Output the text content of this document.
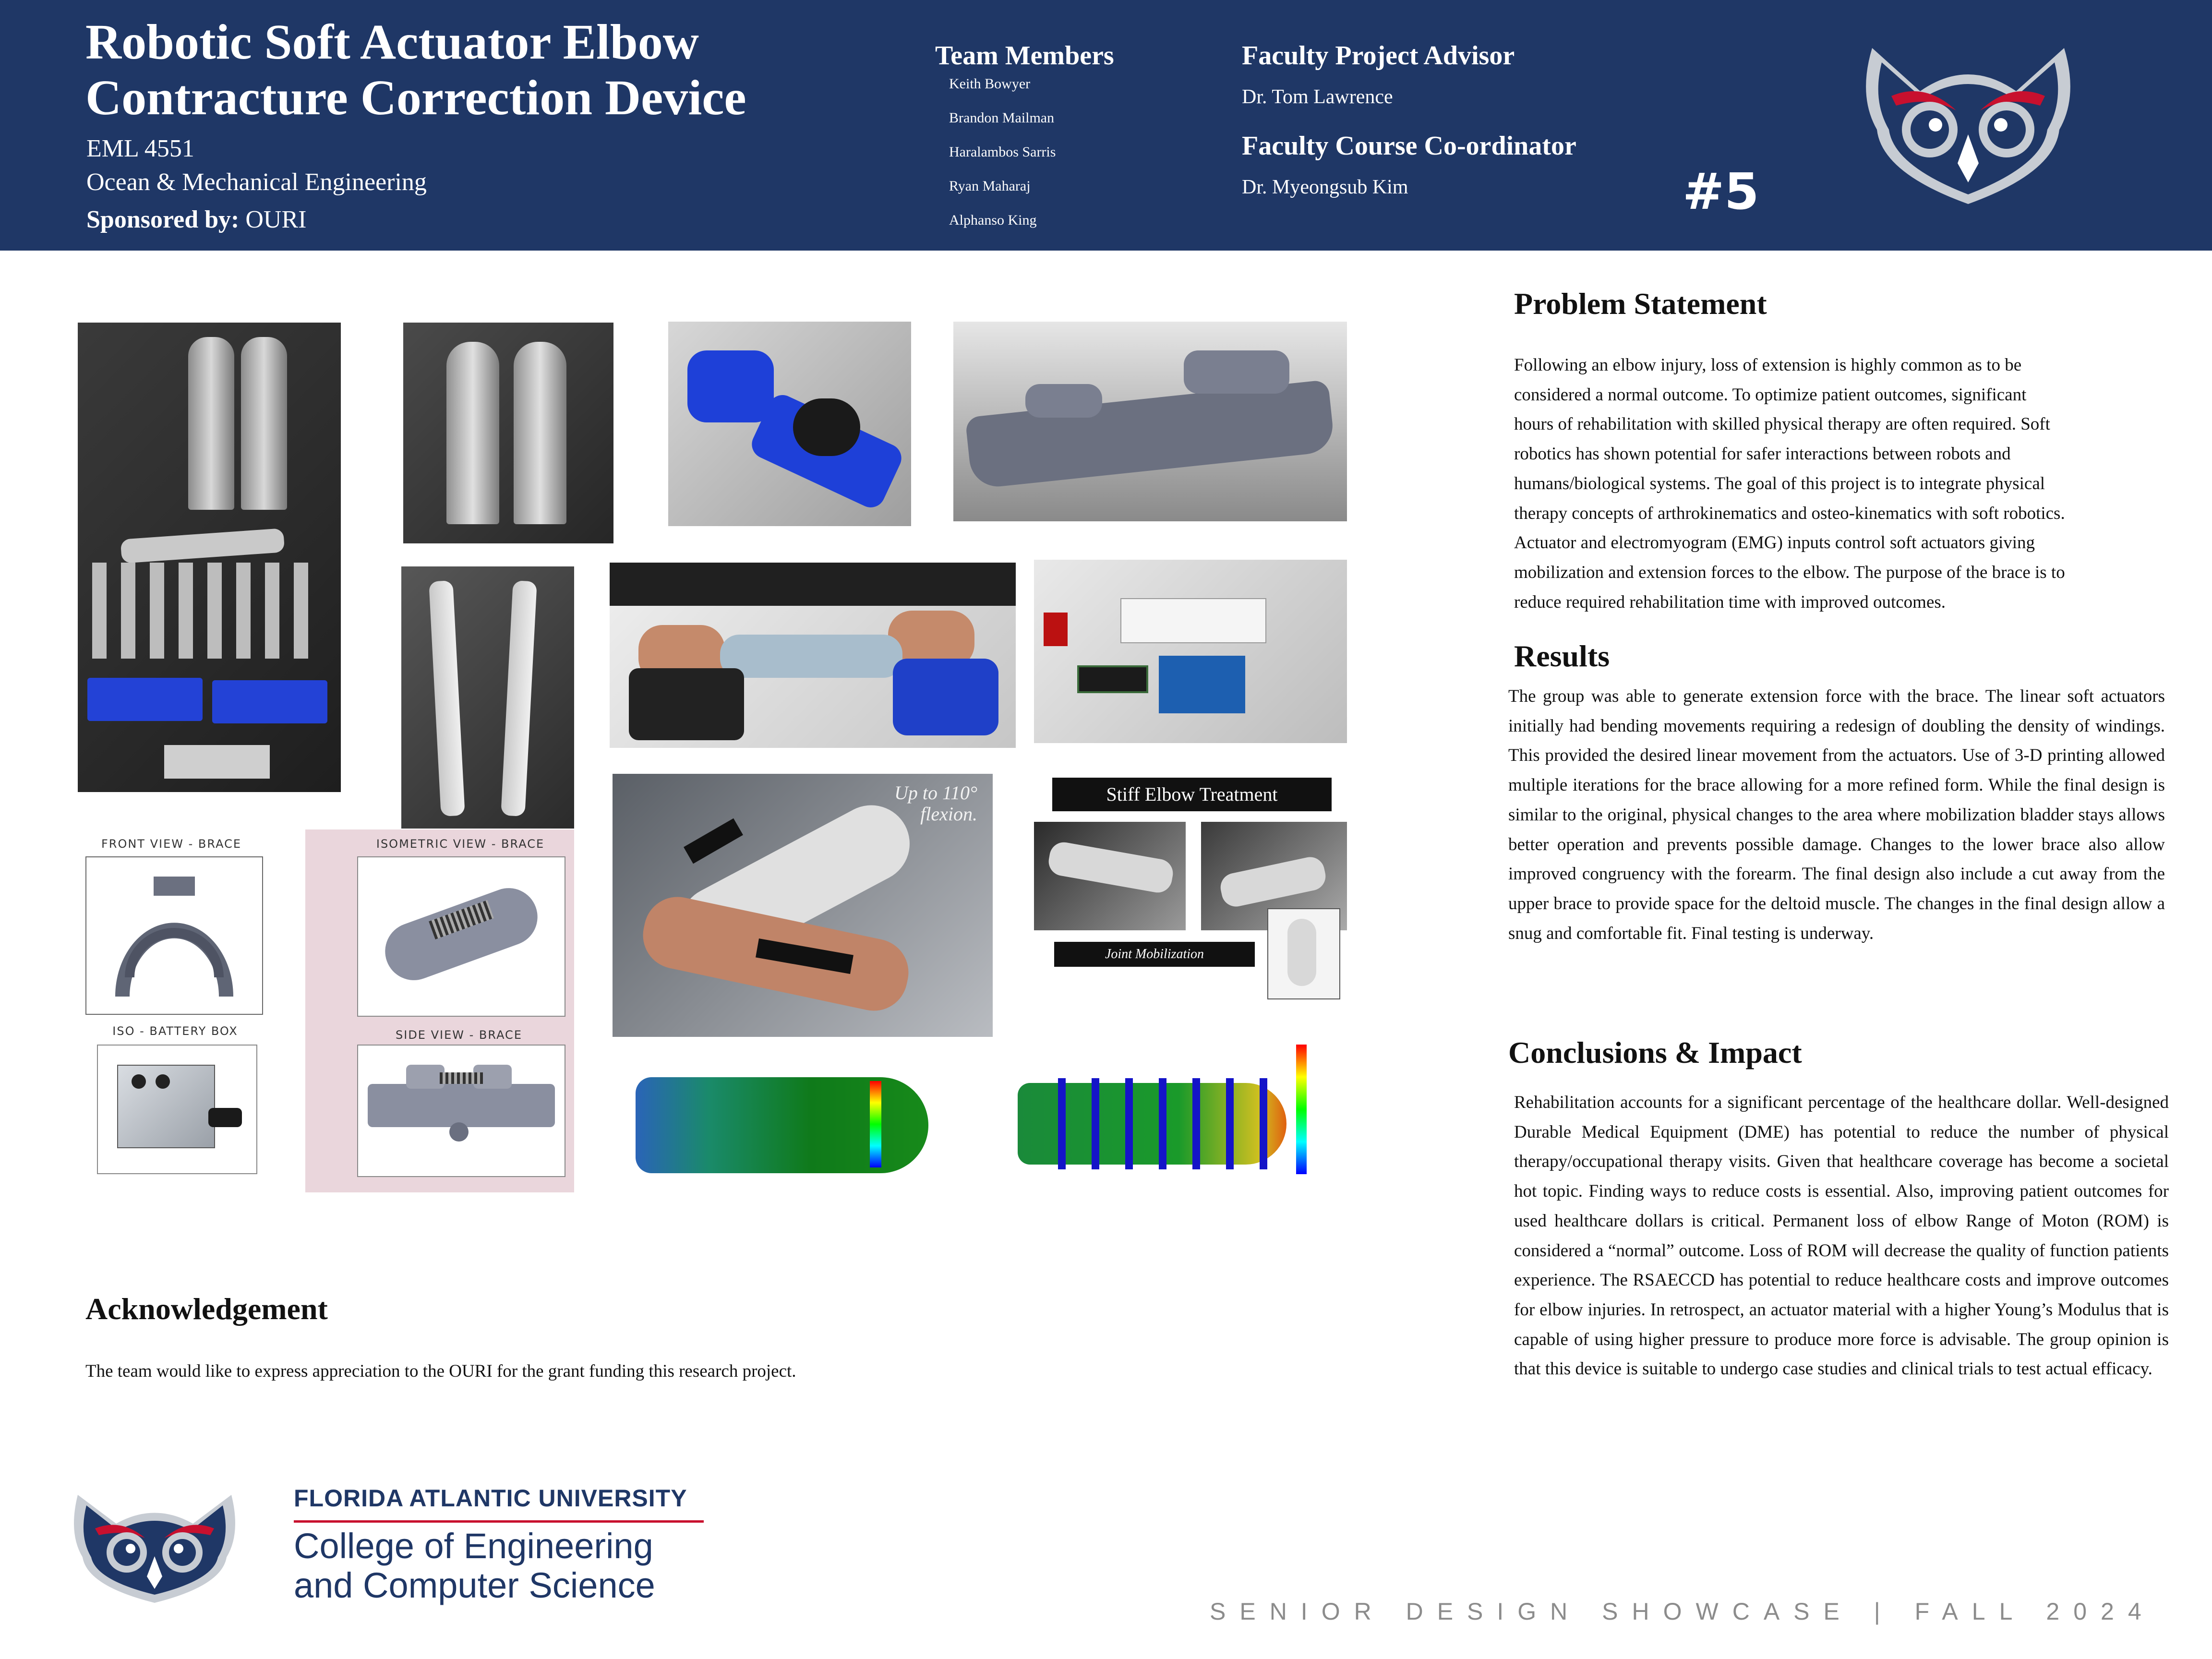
Robotic Soft Actuator Elbow
Contracture Correction Device
EML 4551
Ocean & Mechanical Engineering
Sponsored by: OURI
Team Members
Keith Bowyer
Brandon Mailman
Haralambos Sarris
Ryan Maharaj
Alphanso King
Faculty Project Advisor
Dr. Tom Lawrence
Faculty Course Co-ordinator
Dr. Myeongsub Kim	#5
Up to 110°
flexion.
Stiff Elbow Treatment
Joint Mobilization
FRONT VIEW - BRACE	ISOMETRIC VIEW - BRACE
SIDE VIEW - BRACE
ISO - BATTERY BOX
Problem Statement
Following an elbow injury, loss of extension is highly common as to be
considered a normal outcome. To optimize patient outcomes, significant
hours of rehabilitation with skilled physical therapy are often required. Soft
robotics has shown potential for safer interactions between robots and
humans/biological systems. The goal of this project is to integrate physical
therapy concepts of arthrokinematics and osteo-kinematics with soft robotics.
Actuator and electromyogram (EMG) inputs control soft actuators giving
mobilization and extension forces to the elbow. The purpose of the brace is to
reduce required rehabilitation time with improved outcomes.
Results
The group was able to generate extension force with the brace. The linear soft actuators initially had bending movements requiring a redesign of doubling the density of windings. This provided the desired linear movement from the actuators. Use of 3-D printing allowed multiple iterations for the brace allowing for a more refined form. While the final design is similar to the original, physical changes to the area where mobilization bladder stays allows better operation and prevents possible damage. Changes to the lower brace also allow improved congruency with the forearm. The final design also include a cut away from the upper brace to provide space for the deltoid muscle. The changes in the final design allow a snug and comfortable fit. Final testing is underway.
Conclusions & Impact
Rehabilitation accounts for a significant percentage of the healthcare dollar. Well-designed Durable Medical Equipment (DME) has potential to reduce the number of physical therapy/occupational therapy visits. Given that healthcare coverage has become a societal hot topic. Finding ways to reduce costs is essential. Also, improving patient outcomes for used healthcare dollars is critical. Permanent loss of elbow Range of Moton (ROM) is considered a “normal” outcome. Loss of ROM will decrease the quality of function patients experience. The RSAECCD has potential to reduce healthcare costs and improve outcomes for elbow injuries. In retrospect, an actuator material with a higher Young’s Modulus that is capable of using higher pressure to produce more force is advisable. The group opinion is that this device is suitable to undergo case studies and clinical trials to test actual efficacy.
Acknowledgement
The team would like to express appreciation to the OURI for the grant funding this research project.
FLORIDA ATLANTIC UNIVERSITY
College of Engineering
and Computer Science
SENIOR DESIGN SHOWCASE | FALL 2024
